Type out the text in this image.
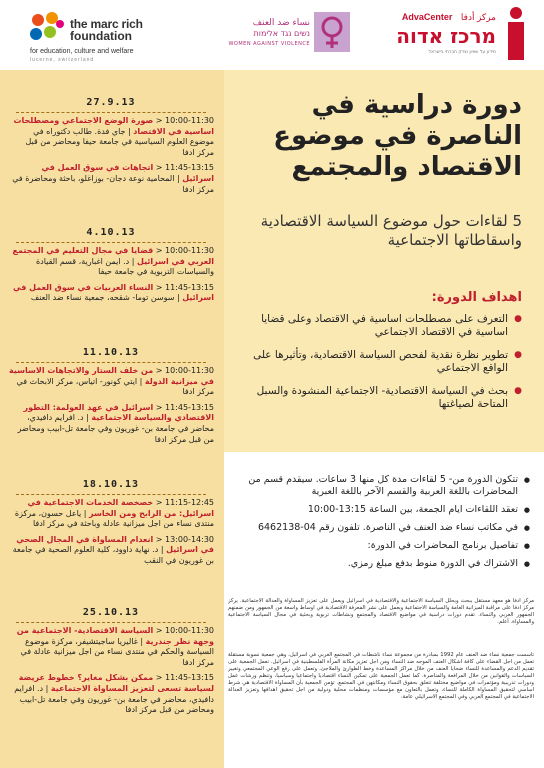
the marc rich
foundation
for education, culture and welfare
lucerne, switzerland
نساء ضد العنف
נשים נגד אלימות
WOMEN AGAINST VIOLENCE
AdvaCenter مركز أدفا
מרכז אדוה
מידע על שוויון וצדק חברתי בישראל
27.9.13
10:00-11:30 < صورة الوضع الاجتماعي ومصطلحات اساسية في الاقتصاد | جاي فدة. طالب دكتوراه في موضوع العلوم السياسية في جامعة حيفا ومحاضر من قبل مركز ادفا
11:45-13:15 < اتجاهات في سوق العمل في اسرائيل | المحامية نوعة دجان- بوزاغلو، باحثة ومحاضرة في مركز ادفا
4.10.13
10:00-11:30 < قضايا في مجال التعليم في المجتمع العربي في اسرائيل | د. ايمن اغبارية، قسم القيادة والسياسات التربوية في جامعة حيفا
11:45-13:15 < النساء العربيات في سوق العمل في اسرائيل | سوسن توما- شقحه، جمعية نساء ضد العنف
11.10.13
10:00-11:30 < من خلف الستار والاتجاهات الاساسية في ميزانية الدولة | ايتي كونور- اتياس، مركز الابحاث في مركز ادفا
11:45-13:15 < اسرائيل في عهد العولمة: التطور الاقتصادي والسياسة الاجتماعية | د. افرايم دافيدي، محاضر في جامعة بن- غوريون وفي جامعة تل-ابيب ومحاضر من قبل مركز ادفا
18.10.13
11:15-12:45 < خصخصة الخدمات الاجتماعية في اسرائيل: من الرابح ومن الخاسر | ياعل حسون، مركزة منتدى نساء من اجل ميزانية عادلة وباحثة في مركز ادفا
13:00-14:30 < انعدام المساواة في المجال الصحي في اسرائيل | د. نهاية داوود، كلية العلوم الصحية في جامعة بن غوريون في النقب
25.10.13
10:00-11:30 < السياسة الاقتصادية- الاجتماعية من وجهة نظر جندرية | غاليريا ساجيتشيفر، مركزة موضوع السياسة والحكم في منتدى نساء من اجل ميزانية عادلة في مركز ادفا
11:45-13:15 < ممكن بشكل مغاير؟ خطوط عريضة لسياسة تسعى لتعزيز المساواة الاجتماعية | د. افرايم دافيدي، محاضر في جامعة بن- غوريون وفي جامعة تل-ابيب ومحاضر من قبل مركز ادفا
دورة دراسية في الناصرة في موضوع الاقتصاد والمجتمع
5 لقاءات حول موضوع السياسة الاقتصادية واسقاطاتها الاجتماعية
اهداف الدورة:
● التعرف على مصطلحات اساسية في الاقتصاد وعلى قضايا اساسية في الاقتصاد الاجتماعي
● تطوير نظرة نقدية لفحص السياسة الاقتصادية، وتأثيرها على الواقع الاجتماعي
● بحث في السياسة الاقتصادية- الاجتماعية المنشودة والسبل المتاحة لصياغتها
● تتكون الدورة من- 5 لقاءات مدة كل منها 3 ساعات. سيقدم قسم من المحاضرات باللغة العربية والقسم الآخر باللغة العبرية
● تعقد اللقاءات ايام الجمعة، بين الساعة 13:15-10:00
● في مكاتب نساء ضد العنف في الناصرة. تلفون رقم 04-6462138
● تفاصيل برنامج المحاضرات في الدورة:
● الاشتراك في الدورة منوط بدفع مبلغ رمزي.

مركز ادفا هو معهد مستقل يبحث ويحلل السياسة الاجتماعية والاقتصادية في اسرائيل ويعمل على تعزيز المساواة والعدالة الاجتماعية. يركز مركز ادفا على مراقبة الميزانية العامة والسياسة الاجتماعية ويعمل على نشر المعرفة الاقتصادية في اوساط واسعة من الجمهور ومن ضمنهم الجمهور العربي والنساء. تقدم دورات دراسية في مواضيع الاقتصاد والمجتمع ونشاطات تربوية وبحثية في مجال السياسة الاجتماعية والمساواة. أعلم.

تأسست جمعية نساء ضد العنف عام 1992 بمبادرة من مجموعة نساء ناشطات في المجتمع العربي في اسرائيل، وهي جمعية نسوية مستقلة تعمل من اجل القضاء على كافة اشكال العنف الموجه ضد النساء ومن اجل تعزيز مكانة المرأة الفلسطينية في اسرائيل. تعمل الجمعية على تقديم الدعم والمساعدة للنساء ضحايا العنف من خلال مراكز المساعدة وخط الطوارئ والملاجئ، وتعمل على رفع الوعي المجتمعي وتغيير السياسات والقوانين من خلال المرافعة والمناصرة. كما تعمل الجمعية على تمكين النساء اقتصاديا واجتماعيا وسياسيا، وتنظم ورشات عمل ودورات تدريبية ومؤتمرات في مواضيع مختلفة تتعلق بحقوق النساء ومكانتهن في المجتمع. تؤمن الجمعية بأن المساواة الاقتصادية هي شرط اساسي لتحقيق المساواة الكاملة للنساء، وتعمل بالتعاون مع مؤسسات ومنظمات محلية ودولية من اجل تحقيق اهدافها وتعزيز العدالة الاجتماعية في المجتمع العربي وفي المجتمع الاسرائيلي عامة.
